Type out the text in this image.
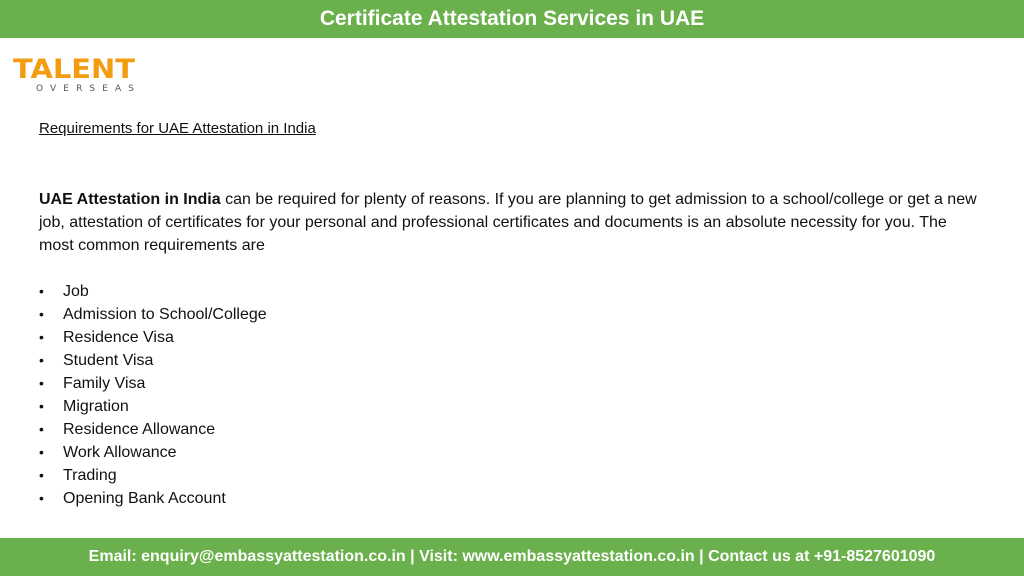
Certificate Attestation Services in UAE
TALENT
OVERSEAS
Requirements for UAE Attestation in India

UAE Attestation in India can be required for plenty of reasons. If you are planning to get admission to a school/college or get a new job, attestation of certificates for your personal and professional certificates and documents is an absolute necessity for you. The most common requirements are

•	Job
•	Admission to School/College
•	Residence Visa
•	Student Visa
•	Family Visa
•	Migration
•	Residence Allowance
•	Work Allowance
•	Trading
•	Opening Bank Account
Email: enquiry@embassyattestation.co.in | Visit: www.embassyattestation.co.in | Contact us at +91-8527601090
